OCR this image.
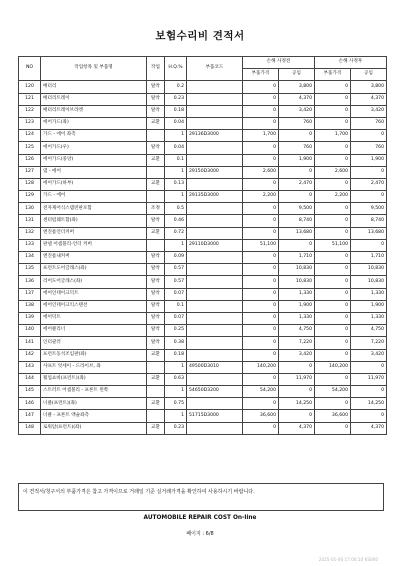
보험수리비 견적서
NO	작업항목 및 부품명	작업	H.Q.%	부품코드	손해 사정전		손해 사정후	
					부품가격	공임	부품가격	공임
120	배터리	탈착	0.2		0	3,800	0	3,800
121	배터리트레이	탈착	0.23		0	4,370	0	4,370
122	배터리트레이브라켓	탈착	0.18		0	3,420	0	3,420
123	에어가드(좌)	교환	0.04		0	760	0	760
124	가드 - 에어 좌측		1	29136D3000	1,700	0	1,700	0
125	에어가드(우)	탈착	0.04		0	760	0	760
126	에어가드(중앙)	교환	0.1		0	1,900	0	1,900
127	댐 - 에어		1	29150D3000	2,600	0	2,600	0
128	에어가드(하부)	교환	0.13		0	2,470	0	2,470
129	가드 - 에어		1	29135D3000	2,200	0	2,200	0
130	전자제어식스템빈판포함	조정	0.5		0	9,500	0	9,500
131	센터펌웨트함(좌)	탈착	0.46		0	8,740	0	8,740
132	엔진룸언더커버	교환	0.72		0	13,680	0	13,680
133	판넬 어셈블리-언더 커버		1	29110D3000	51,100	0	51,100	0
134	엔진룸내커버	탈착	0.09		0	1,710	0	1,710
135	프런트도어글래스(좌)	탈착	0.57		0	10,830	0	10,830
136	리어도어글래스(좌)	탈착	0.57		0	10,830	0	10,830
137	에어인테이크덕트	탈착	0.07		0	1,330	0	1,330
138	에어인테이크익스텐션	탈착	0.1		0	1,900	0	1,900
139	에어덕트	탈착	0.07		0	1,330	0	1,330
140	에어클리너	탈착	0.25		0	4,750	0	4,750
141	인터쿨러	탈착	0.38		0	7,220	0	7,220
142	프런트동석조임판(좌)	교환	0.18		0	3,420	0	3,420
143	샤프트 엇세이 - 드라이브, 좌		1	49500D3010	140,200	0	140,200	0
144	휠업쇼바(프런트)(좌)	교환	0.63		0	11,970	0	11,970
145	스트러트 어셈블리 - 프론트 왼쪽		1	54650D3200	54,200	0	54,200	0
146	너클(프런트)(좌)	교환	0.75		0	14,250	0	14,250
147	너클 - 프론트 액슬좌측		1	51715D3000	36,600	0	36,600	0
148	로워암(프런트)(좌)	교환	0.23		0	4,370	0	4,370
이 견적서/청구서의 부품가격은 참고 가격이므로 거래일 기준 실거래가격을 확인하여 사용하시기 바랍니다.
AUTOMOBILE REPAIR COST On-line
페이지 : 6/8
2025-01-06 17:06:10 KS000
